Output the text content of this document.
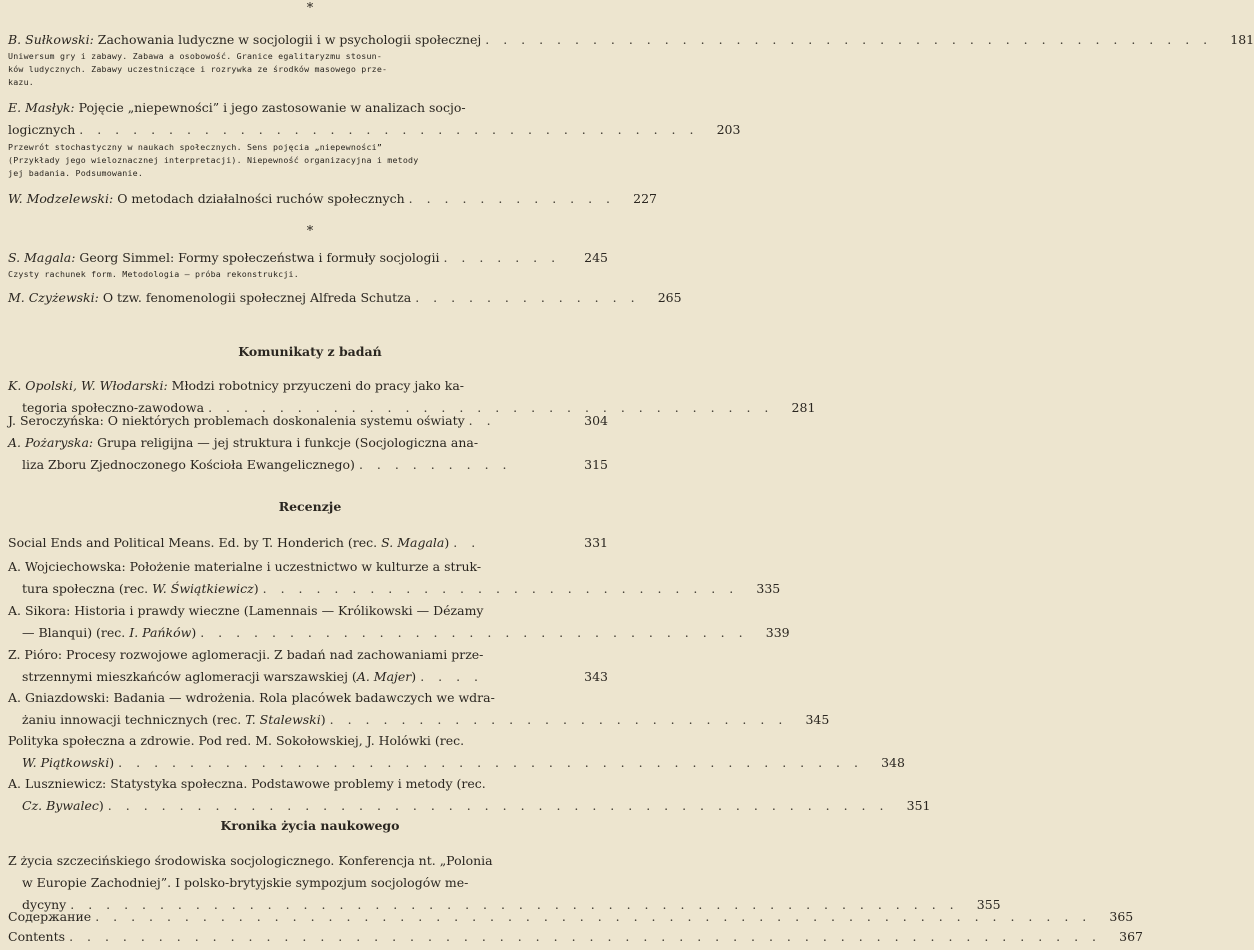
*
B. Sułkowski: Zachowania ludyczne w socjologii i w psychologii społecznej . . . . . . . . . . . . . . . . . . . . . . . . . . . . . . . . . . . . . . . . .	181
Uniwersum gry i zabawy. Zabawa a osobowość. Granice egalitaryzmu stosun-
ków ludycznych. Zabawy uczestniczące i rozrywka ze środków masowego prze-
kazu.
E. Masłyk: Pojęcie „niepewności” i jego zastosowanie w analizach socjo-
logicznych . . . . . . . . . . . . . . . . . . . . . . . . . . . . . . . . . . .	203
Przewrót stochastyczny w naukach społecznych. Sens pojęcia „niepewności”
(Przykłady jego wieloznacznej interpretacji). Niepewność organizacyjna i metody
jej badania. Podsumowanie.
W. Modzelewski: O metodach działalności ruchów społecznych . . . . . . . . . . . .	227
*
S. Magala: Georg Simmel: Formy społeczeństwa i formuły socjologii . . . . . . .	245
Czysty rachunek form. Metodologia — próba rekonstrukcji.
M. Czyżewski: O tzw. fenomenologii społecznej Alfreda Schutza . . . . . . . . . . . . .	265
Komunikaty z badań
K. Opolski, W. Włodarski: Młodzi robotnicy przyuczeni do pracy jako ka-
tegoria społeczno-zawodowa . . . . . . . . . . . . . . . . . . . . . . . . . . . . . . . .	281
J. Seroczyńska: O niektórych problemach doskonalenia systemu oświaty . .	304
A. Pożaryska: Grupa religijna — jej struktura i funkcje (Socjologiczna ana-
liza Zboru Zjednoczonego Kościoła Ewangelicznego) . . . . . . . . .	315
Recenzje
Social Ends and Political Means. Ed. by T. Honderich (rec. S. Magala) . .	331
A. Wojciechowska: Położenie materialne i uczestnictwo w kulturze a struk-
tura społeczna (rec. W. Świątkiewicz) . . . . . . . . . . . . . . . . . . . . . . . . . . .	335
A. Sikora: Historia i prawdy wieczne (Lamennais — Królikowski — Dézamy
— Blanqui) (rec. I. Pańków) . . . . . . . . . . . . . . . . . . . . . . . . . . . . . . .	339
Z. Pióro: Procesy rozwojowe aglomeracji. Z badań nad zachowaniami prze-
strzennymi mieszkańców aglomeracji warszawskiej (A. Majer) . . . .	343
A. Gniazdowski: Badania — wdrożenia. Rola placówek badawczych we wdra-
żaniu innowacji technicznych (rec. T. Stalewski) . . . . . . . . . . . . . . . . . . . . . . . . . .	345
Polityka społeczna a zdrowie. Pod red. M. Sokołowskiej, J. Holówki (rec.
W. Piątkowski) . . . . . . . . . . . . . . . . . . . . . . . . . . . . . . . . . . . . . . . . . .	348
A. Luszniewicz: Statystyka społeczna. Podstawowe problemy i metody (rec.
Cz. Bywalec) . . . . . . . . . . . . . . . . . . . . . . . . . . . . . . . . . . . . . . . . . . . .	351
Kronika życia naukowego
Z życia szczecińskiego środowiska socjologicznego. Konferencja nt. „Polonia
w Europie Zachodniej”. I polsko-brytyjskie sympozjum socjologów me-
dycyny . . . . . . . . . . . . . . . . . . . . . . . . . . . . . . . . . . . . . . . . . . . . . . . . . .	355
Содержание . . . . . . . . . . . . . . . . . . . . . . . . . . . . . . . . . . . . . . . . . . . . . . . . . . . . . . . .	365
Contents . . . . . . . . . . . . . . . . . . . . . . . . . . . . . . . . . . . . . . . . . . . . . . . . . . . . . . . . . .	367
